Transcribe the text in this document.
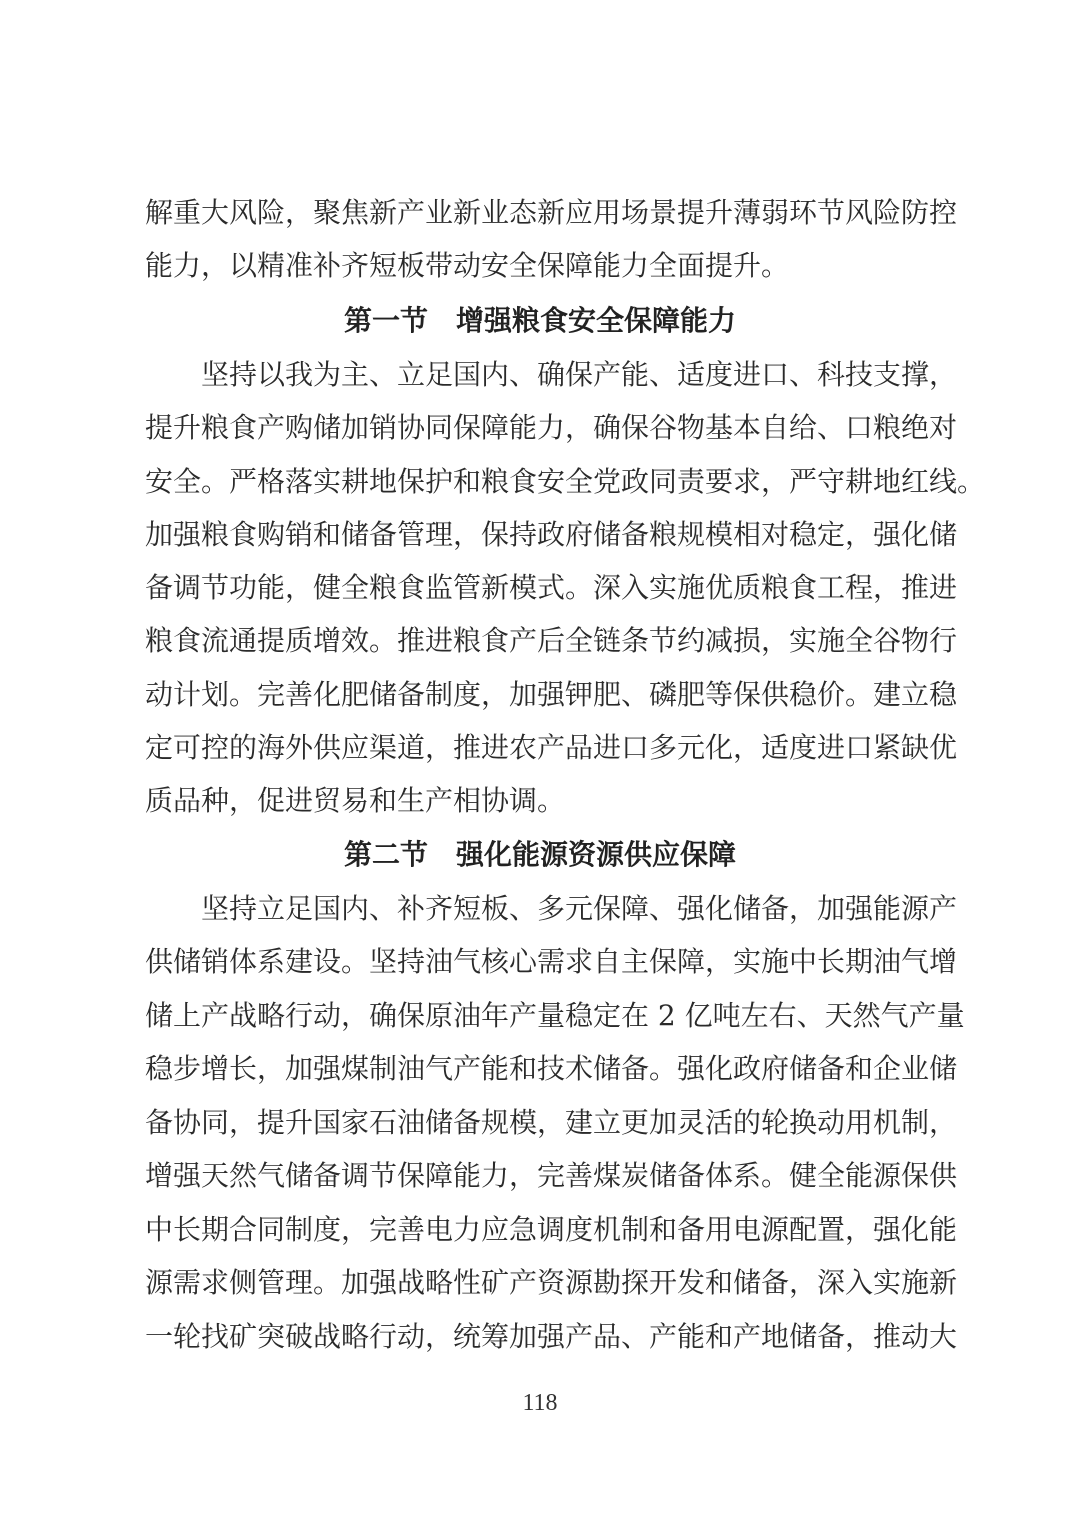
解重大风险，聚焦新产业新业态新应用场景提升薄弱环节风险防控
能力，以精准补齐短板带动安全保障能力全面提升。
第一节　增强粮食安全保障能力
　　坚持以我为主、立足国内、确保产能、适度进口、科技支撑，
提升粮食产购储加销协同保障能力，确保谷物基本自给、口粮绝对
安全。严格落实耕地保护和粮食安全党政同责要求，严守耕地红线。
加强粮食购销和储备管理，保持政府储备粮规模相对稳定，强化储
备调节功能，健全粮食监管新模式。深入实施优质粮食工程，推进
粮食流通提质增效。推进粮食产后全链条节约减损，实施全谷物行
动计划。完善化肥储备制度，加强钾肥、磷肥等保供稳价。建立稳
定可控的海外供应渠道，推进农产品进口多元化，适度进口紧缺优
质品种，促进贸易和生产相协调。
第二节　强化能源资源供应保障
　　坚持立足国内、补齐短板、多元保障、强化储备，加强能源产
供储销体系建设。坚持油气核心需求自主保障，实施中长期油气增
储上产战略行动，确保原油年产量稳定在 2 亿吨左右、天然气产量
稳步增长，加强煤制油气产能和技术储备。强化政府储备和企业储
备协同，提升国家石油储备规模，建立更加灵活的轮换动用机制，
增强天然气储备调节保障能力，完善煤炭储备体系。健全能源保供
中长期合同制度，完善电力应急调度机制和备用电源配置，强化能
源需求侧管理。加强战略性矿产资源勘探开发和储备，深入实施新
一轮找矿突破战略行动，统筹加强产品、产能和产地储备，推动大
118
